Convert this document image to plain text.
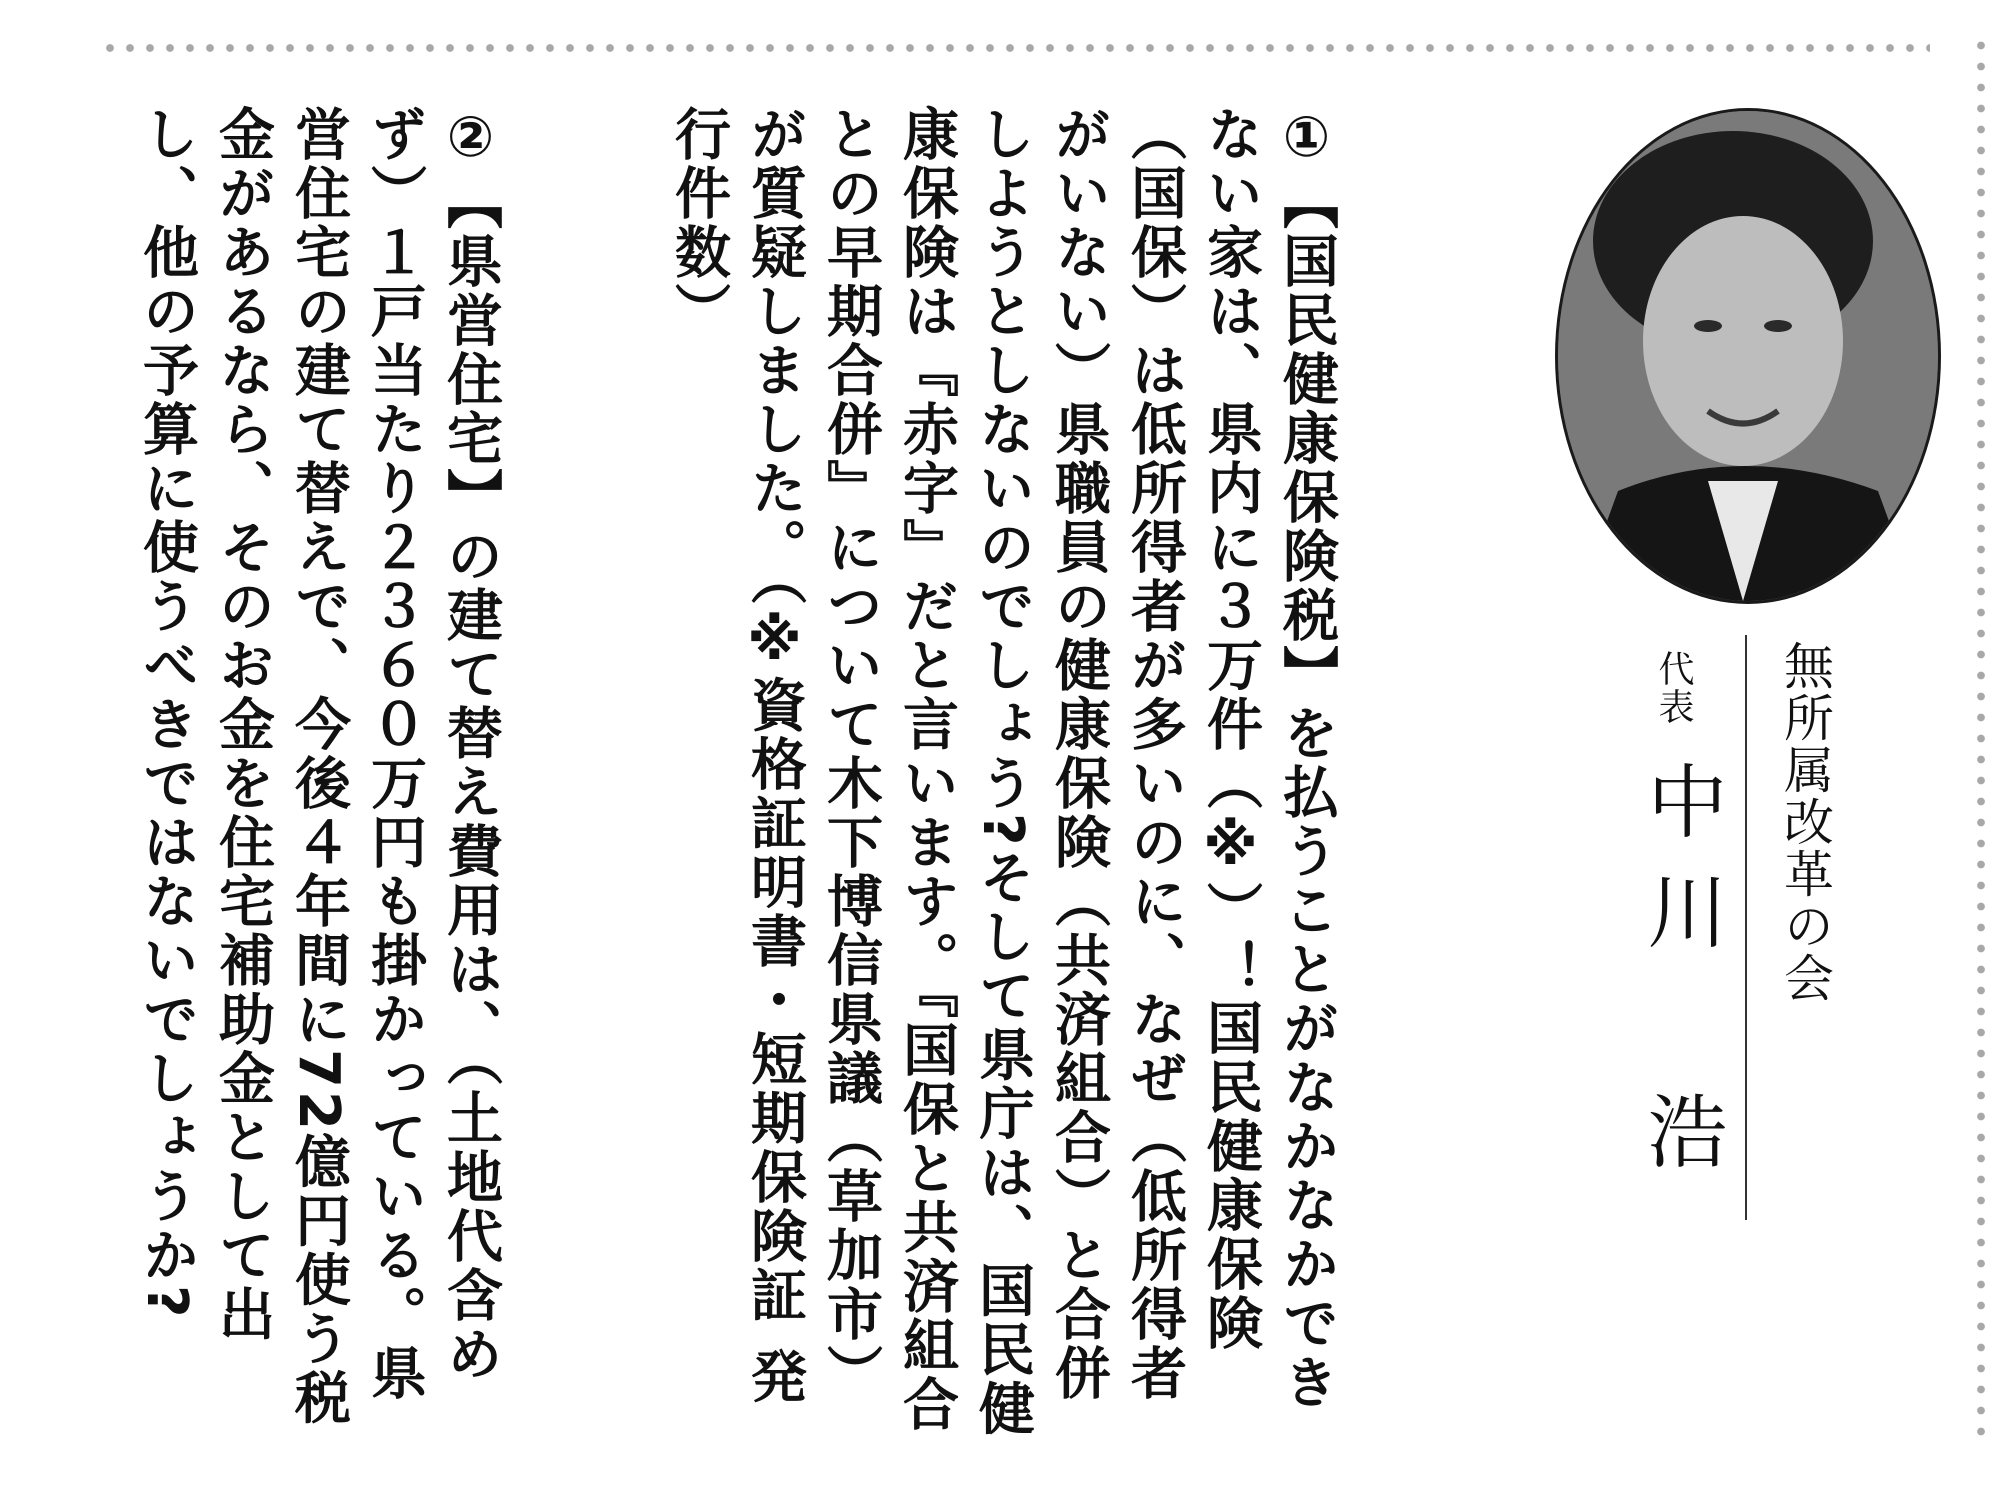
無所属改革の会
代表
中川　浩

①【国民健康保険税】を払うことがなかなかできない家は、県内に３万件（※）！国民健康保険（国保）は低所得者が多いのに、なぜ（低所得者がいない）県職員の健康保険（共済組合）と合併しようとしないのでしょう?そして県庁は、国民健康保険は『赤字』だと言います。『国保と共済組合との早期合併』について木下博信県議（草加市）が質疑しました。（※資格証明書・短期保険証 発行件数）

②【県営住宅】の建て替え費用は、（土地代含めず）１戸当たり２３６０万円も掛かっている。県営住宅の建て替えで、今後４年間に72億円使う税金があるなら、そのお金を住宅補助金として出し、他の予算に使うべきではないでしょうか?
